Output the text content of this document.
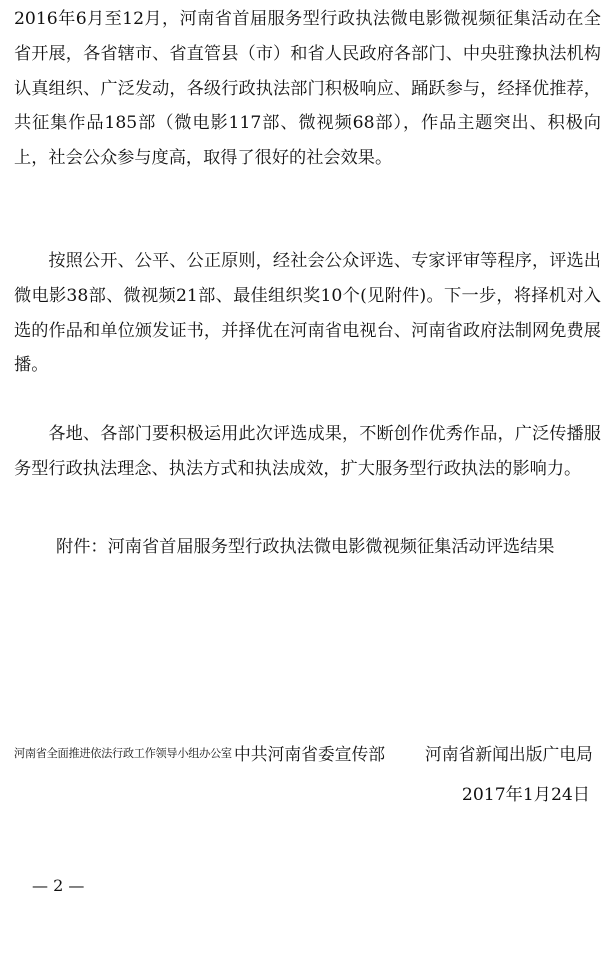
2016年6月至12月，河南省首届服务型行政执法微电影微视频征集活动在全省开展，各省辖市、省直管县（市）和省人民政府各部门、中央驻豫执法机构认真组织、广泛发动，各级行政执法部门积极响应、踊跃参与，经择优推荐，共征集作品185部（微电影117部、微视频68部），作品主题突出、积极向上，社会公众参与度高，取得了很好的社会效果。

按照公开、公平、公正原则，经社会公众评选、专家评审等程序，评选出微电影38部、微视频21部、最佳组织奖10个(见附件)。下一步，将择机对入选的作品和单位颁发证书，并择优在河南省电视台、河南省政府法制网免费展播。

各地、各部门要积极运用此次评选成果，不断创作优秀作品，广泛传播服务型行政执法理念、执法方式和执法成效，扩大服务型行政执法的影响力。

附件： 河南省首届服务型行政执法微电影微视频征集活动评选结果
河南省全面推进依法行政工作领导小组办公室 中共河南省委宣传部 河南省新闻出版广电局
2017年1月24日
— 2 —
